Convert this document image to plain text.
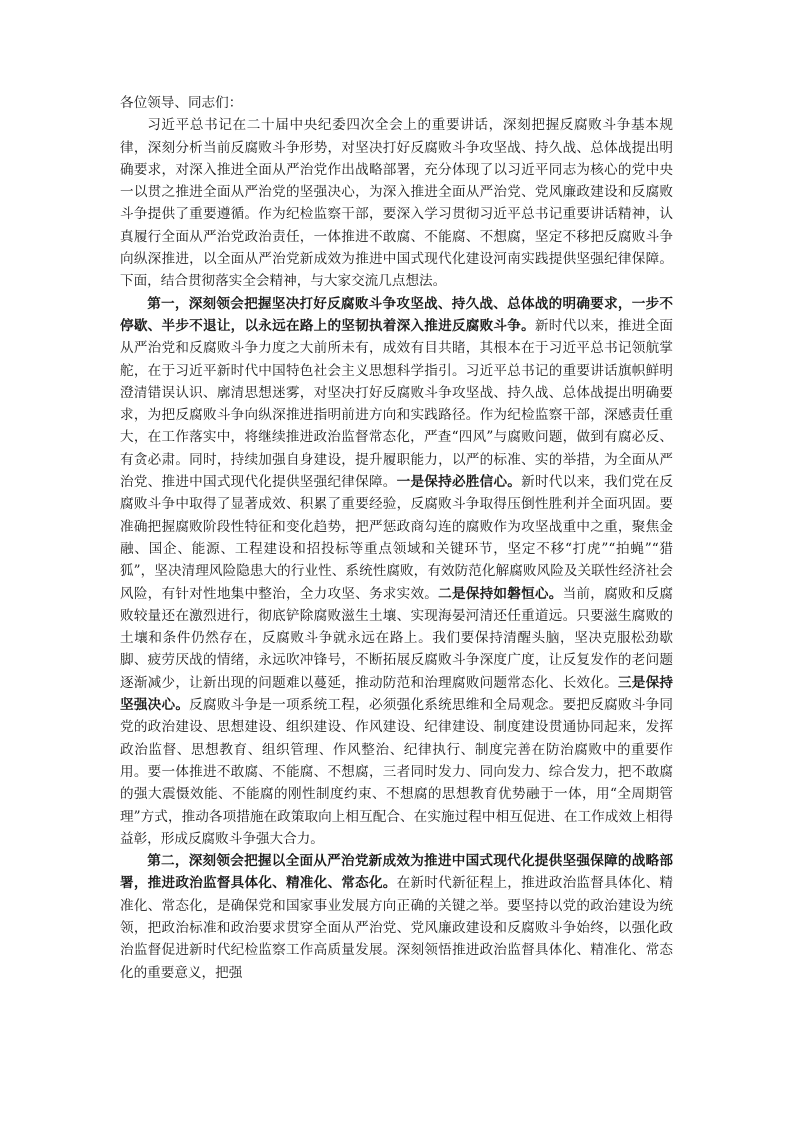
各位领导、同志们：

习近平总书记在二十届中央纪委四次全会上的重要讲话，深刻把握反腐败斗争基本规律，深刻分析当前反腐败斗争形势，对坚决打好反腐败斗争攻坚战、持久战、总体战提出明确要求，对深入推进全面从严治党作出战略部署，充分体现了以习近平同志为核心的党中央一以贯之推进全面从严治党的坚强决心，为深入推进全面从严治党、党风廉政建设和反腐败斗争提供了重要遵循。作为纪检监察干部，要深入学习贯彻习近平总书记重要讲话精神，认真履行全面从严治党政治责任，一体推进不敢腐、不能腐、不想腐，坚定不移把反腐败斗争向纵深推进，以全面从严治党新成效为推进中国式现代化建设河南实践提供坚强纪律保障。下面，结合贯彻落实全会精神，与大家交流几点想法。

第一，深刻领会把握坚决打好反腐败斗争攻坚战、持久战、总体战的明确要求，一步不停歇、半步不退让，以永远在路上的坚韧执着深入推进反腐败斗争。新时代以来，推进全面从严治党和反腐败斗争力度之大前所未有，成效有目共睹，其根本在于习近平总书记领航掌舵，在于习近平新时代中国特色社会主义思想科学指引。习近平总书记的重要讲话旗帜鲜明澄清错误认识、廓清思想迷雾，对坚决打好反腐败斗争攻坚战、持久战、总体战提出明确要求，为把反腐败斗争向纵深推进指明前进方向和实践路径。作为纪检监察干部，深感责任重大，在工作落实中，将继续推进政治监督常态化，严查“四风”与腐败问题，做到有腐必反、有贪必肃。同时，持续加强自身建设，提升履职能力，以严的标准、实的举措，为全面从严治党、推进中国式现代化提供坚强纪律保障。一是保持必胜信心。新时代以来，我们党在反腐败斗争中取得了显著成效、积累了重要经验，反腐败斗争取得压倒性胜利并全面巩固。要准确把握腐败阶段性特征和变化趋势，把严惩政商勾连的腐败作为攻坚战重中之重，聚焦金融、国企、能源、工程建设和招投标等重点领域和关键环节，坚定不移“打虎”“拍蝇”“猎狐”，坚决清理风险隐患大的行业性、系统性腐败，有效防范化解腐败风险及关联性经济社会风险，有针对性地集中整治，全力攻坚、务求实效。二是保持如磐恒心。当前，腐败和反腐败较量还在激烈进行，彻底铲除腐败滋生土壤、实现海晏河清还任重道远。只要滋生腐败的土壤和条件仍然存在，反腐败斗争就永远在路上。我们要保持清醒头脑，坚决克服松劲歇脚、疲劳厌战的情绪，永远吹冲锋号，不断拓展反腐败斗争深度广度，让反复发作的老问题逐渐减少，让新出现的问题难以蔓延，推动防范和治理腐败问题常态化、长效化。三是保持坚强决心。反腐败斗争是一项系统工程，必须强化系统思维和全局观念。要把反腐败斗争同党的政治建设、思想建设、组织建设、作风建设、纪律建设、制度建设贯通协同起来，发挥政治监督、思想教育、组织管理、作风整治、纪律执行、制度完善在防治腐败中的重要作用。要一体推进不敢腐、不能腐、不想腐，三者同时发力、同向发力、综合发力，把不敢腐的强大震慑效能、不能腐的刚性制度约束、不想腐的思想教育优势融于一体，用“全周期管理”方式，推动各项措施在政策取向上相互配合、在实施过程中相互促进、在工作成效上相得益彰，形成反腐败斗争强大合力。

第二，深刻领会把握以全面从严治党新成效为推进中国式现代化提供坚强保障的战略部署，推进政治监督具体化、精准化、常态化。在新时代新征程上，推进政治监督具体化、精准化、常态化，是确保党和国家事业发展方向正确的关键之举。要坚持以党的政治建设为统领，把政治标准和政治要求贯穿全面从严治党、党风廉政建设和反腐败斗争始终，以强化政治监督促进新时代纪检监察工作高质量发展。深刻领悟推进政治监督具体化、精准化、常态化的重要意义，把强
